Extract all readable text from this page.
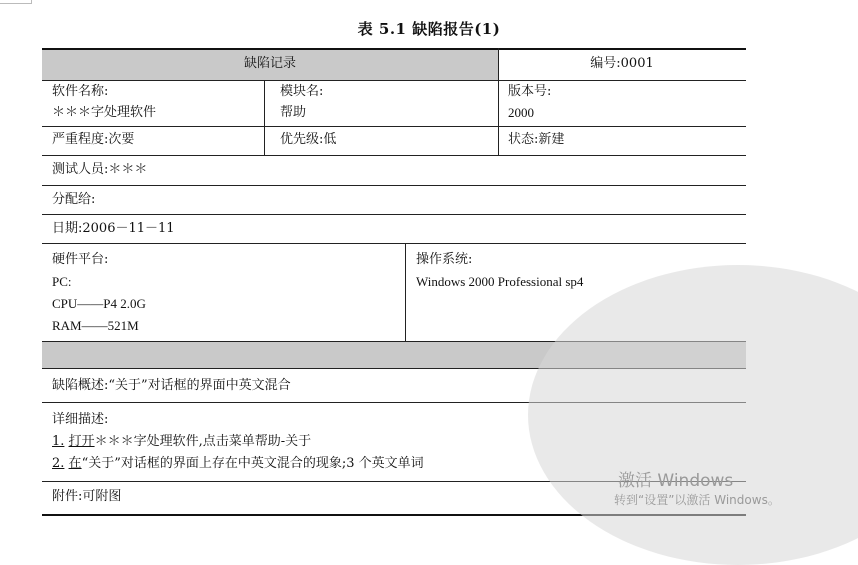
表 5.1 缺陷报告(1)
缺陷记录	编号:0001
软件名称:
＊＊＊字处理软件
模块名:
帮助
版本号:
2000
严重程度:次要	优先级:低	状态:新建
测试人员:＊＊＊
分配给:
日期:2006－11－11
硬件平台:
PC:
CPU——P4 2.0G
RAM——521M
操作系统:
Windows 2000 Professional sp4
缺陷概述:“关于”对话框的界面中英文混合
详细描述:
1. 打开＊＊＊字处理软件,点击菜单帮助-关于
2. 在“关于”对话框的界面上存在中英文混合的现象;3 个英文单词
附件:可附图
激活 Windows
转到“设置”以激活 Windows。
